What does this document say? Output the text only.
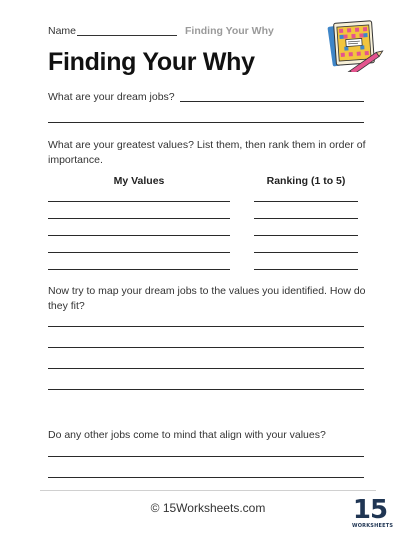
Name	Finding Your Why
Finding Your Why
What are your dream jobs?
What are your greatest values? List them, then rank them in order of importance.
My Values	Ranking (1 to 5)
Now try to map your dream jobs to the values you identified. How do they fit?
Do any other jobs come to mind that align with your values?
© 15Worksheets.com	15
WORKSHEETS
